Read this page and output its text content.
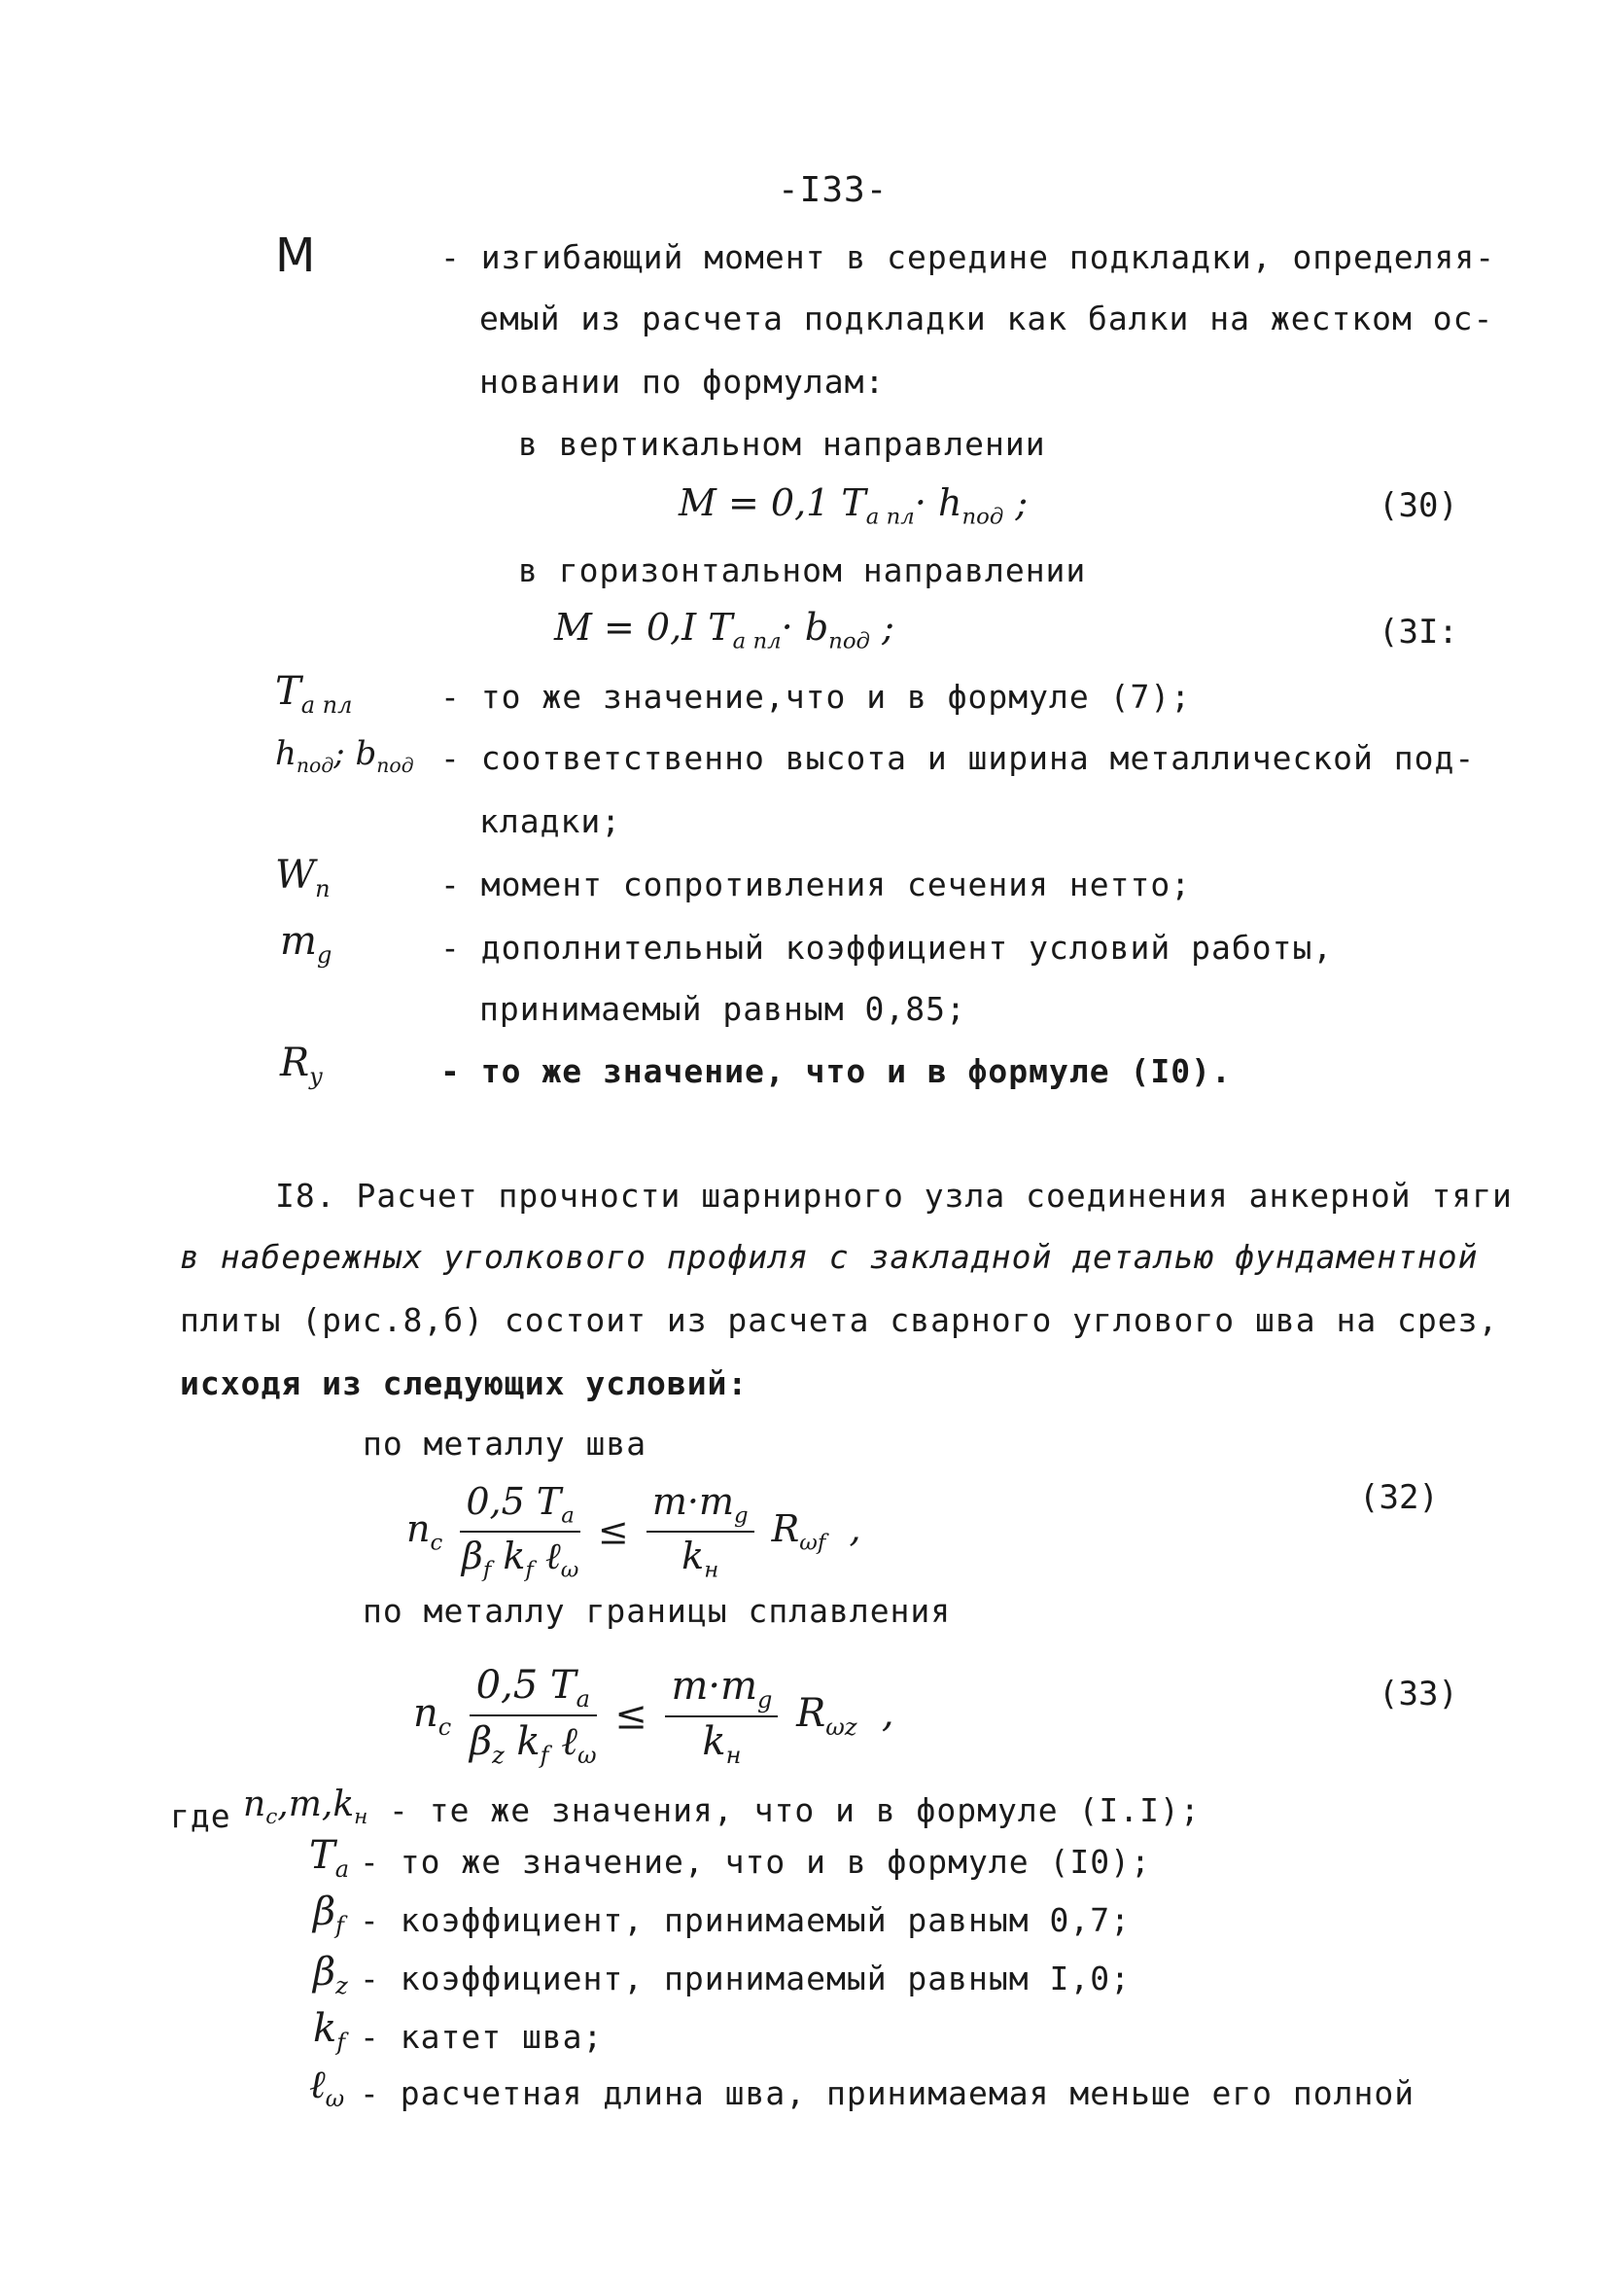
-I33-
M	- изгибающий момент в середине подкладки, определяя-
емый из расчета подкладки как балки на жестком ос-
новании по формулам:
в вертикальном направлении
M = 0,1 $T_{a пл}\cdot h_{под}$ ;	(30)
в горизонтальном направлении
M = 0,I $T_{a пл}\cdot b_{под}$ ;	(3I:
$T_{a пл}$	- то же значение,что и в формуле (7);
$h_{под}$; $b_{под}$ - соответственно высота и ширина металлической под-
кладки;
$W_n$	- момент сопротивления сечения нетто;
$m_g$	- дополнительный коэффициент условий работы,
принимаемый равным 0,85;
$R_y$	- то же значение, что и в формуле (I0).
I8. Расчет прочности шарнирного узла соединения анкерной тяги
в набережных уголкового профиля с закладной деталью фундаментной
плиты (рис.8,б) состоит из расчета сварного углового шва на срез,
исходя из следующих условий:
по металлу шва
$n_c \frac{0,5 T_a}{\beta_f k_f \ell_\omega} \le \frac{m\cdot m_g}{k_н} R_{\omega f}$  ,
(32)
по металлу границы сплавления
$n_c \frac{0,5 T_a}{\beta_z k_f \ell_\omega} \le \frac{m\cdot m_g}{k_н} R_{\omega z}$  ,	(33)
где $n_c,m,k_н$ - те же значения, что и в формуле (I.I);
$T_a$ - то же значение, что и в формуле (I0);
$\beta_f$ - коэффициент, принимаемый равным 0,7;
$\beta_z$ - коэффициент, принимаемый равным I,0;
$k_f$ - катет шва;
ℓ$_\omega$ - расчетная длина шва, принимаемая меньше его полной
